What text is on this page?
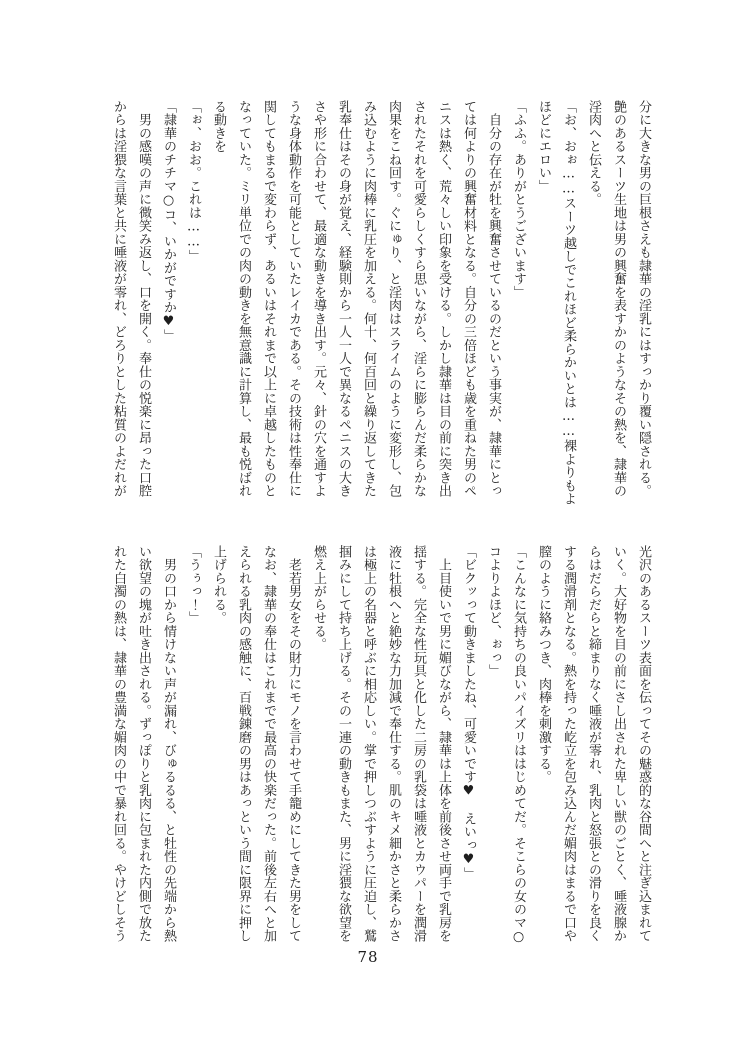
分に大きな男の巨根さえも隷華の淫乳にはすっかり覆い隠される。

艶のあるスーツ生地は男の興奮を表すかのようなその熱を、隷華の

淫肉へと伝える。

「お、おぉ……スーツ越しでこれほど柔らかいとは……裸よりもよ

ほどにエロい」

「ふふ。ありがとうございます」

　自分の存在が牡を興奮させているのだという事実が、隷華にとっ

ては何よりの興奮材料となる。自分の三倍ほども歳を重ねた男のペ

ニスは熱く、荒々しい印象を受ける。しかし隷華は目の前に突き出

されたそれを可愛らしくすら思いながら、淫らに膨らんだ柔らかな

肉果をこね回す。ぐにゅり、と淫肉はスライムのように変形し、包

み込むように肉棒に乳圧を加える。何十、何百回と繰り返してきた

乳奉仕はその身が覚え、経験則から一人一人で異なるペニスの大き

さや形に合わせて、最適な動きを導き出す。元々、針の穴を通すよ

うな身体動作を可能としていたレイカである。その技術は性奉仕に

関してもまるで変わらず、あるいはそれまで以上に卓越したものと

なっていた。ミリ単位での肉の動きを無意識に計算し、最も悦ばれ

る動きを

「ぉ、おお。これは……」

「隷華のチチマ○コ、いかがですか♥」

　男の感嘆の声に微笑み返し、口を開く。奉仕の悦楽に昂った口腔

からは淫猥な言葉と共に唾液が零れ、どろりとした粘質のよだれが

光沢のあるスーツ表面を伝ってその魅惑的な谷間へと注ぎ込まれて

いく。大好物を目の前にさし出された卑しい獣のごとく、唾液腺か

らはだらだらと締まりなく唾液が零れ、乳肉と怒張との滑りを良く

する潤滑剤となる。熱を持った屹立を包み込んだ媚肉はまるで口や

膣のように絡みつき、肉棒を刺激する。

「こんなに気持ちの良いパイズリははじめてだ。そこらの女のマ○

コよりよほど、ぉっ」

「ビクッって動きましたね、可愛いです♥　えいっ♥」

　上目使いで男に媚びながら、隷華は上体を前後させ両手で乳房を

揺する。完全な性玩具と化した二房の乳袋は唾液とカウパーを潤滑

液に牡根へと絶妙な力加減で奉仕する。肌のキメ細かさと柔らかさ

は極上の名器と呼ぶに相応しい。掌で押しつぶすように圧迫し、鷲

掴みにして持ち上げる。その一連の動きもまた、男に淫猥な欲望を

燃え上がらせる。

　老若男女をその財力にモノを言わせて手籠めにしてきた男をして

なお、隷華の奉仕はこれまでで最高の快楽だった。前後左右へと加

えられる乳肉の感触に、百戦錬磨の男はあっという間に限界に押し

上げられる。

「うぅっ！」

　男の口から情けない声が漏れ、びゅるるる、と牡性の先端から熱

い欲望の塊が吐き出される。ずっぽりと乳肉に包まれた内側で放た

れた白濁の熱は、隷華の豊満な媚肉の中で暴れ回る。やけどしそう

78
